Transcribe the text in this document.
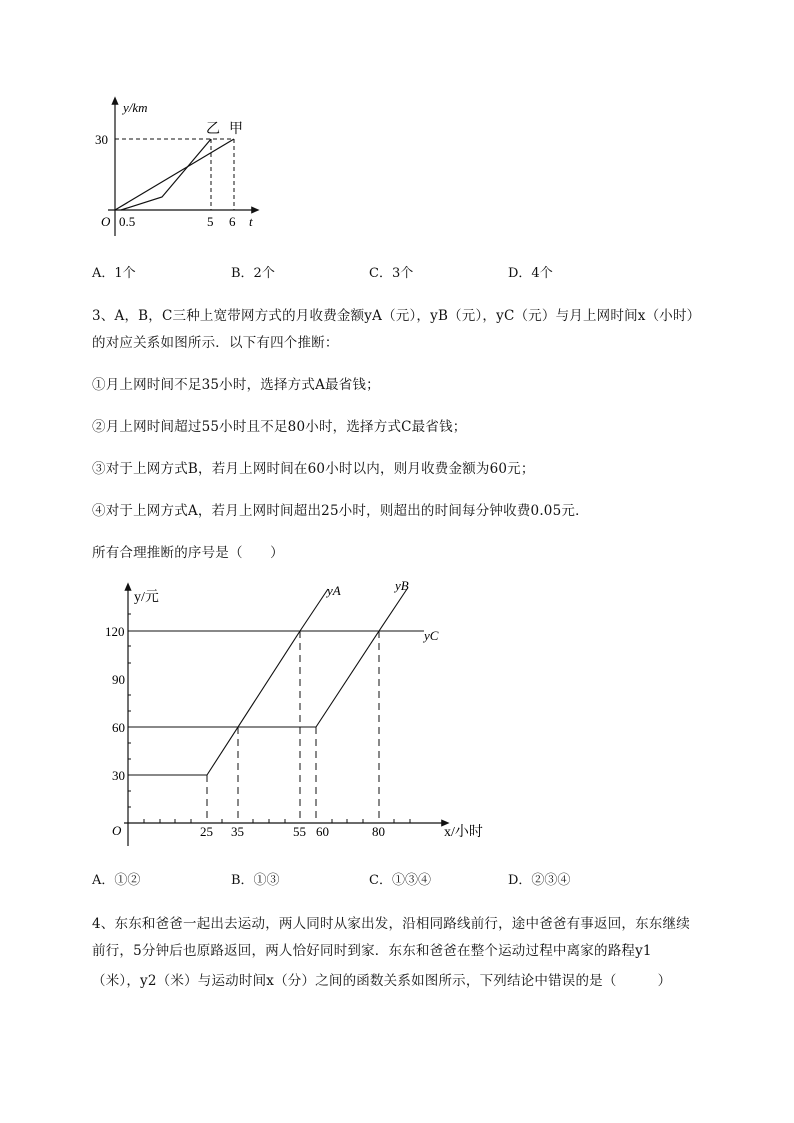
y/km
t
O
30
0.5	5 6
乙 甲
A．1个	B．2个	C．3个	D．4个
3、A，B，C三种上宽带网方式的月收费金额yA（元），yB（元），yC（元）与月上网时间x（小时）
的对应关系如图所示．以下有四个推断：
①月上网时间不足35小时，选择方式A最省钱；
②月上网时间超过55小时且不足80小时，选择方式C最省钱；
③对于上网方式B，若月上网时间在60小时以内，则月收费金额为60元；
④对于上网方式A，若月上网时间超出25小时，则超出的时间每分钟收费0.05元．
所有合理推断的序号是（　　）
y/元
x/小时
O
120
90
60
30
25 35	55 60	80
yA	yB
yC
A．①②	B．①③	C．①③④	D．②③④
4、东东和爸爸一起出去运动，两人同时从家出发，沿相同路线前行，途中爸爸有事返回，东东继续
前行，5分钟后也原路返回，两人恰好同时到家．东东和爸爸在整个运动过程中离家的路程y1
（米），y2（米）与运动时间x（分）之间的函数关系如图所示，下列结论中错误的是（　　　）
